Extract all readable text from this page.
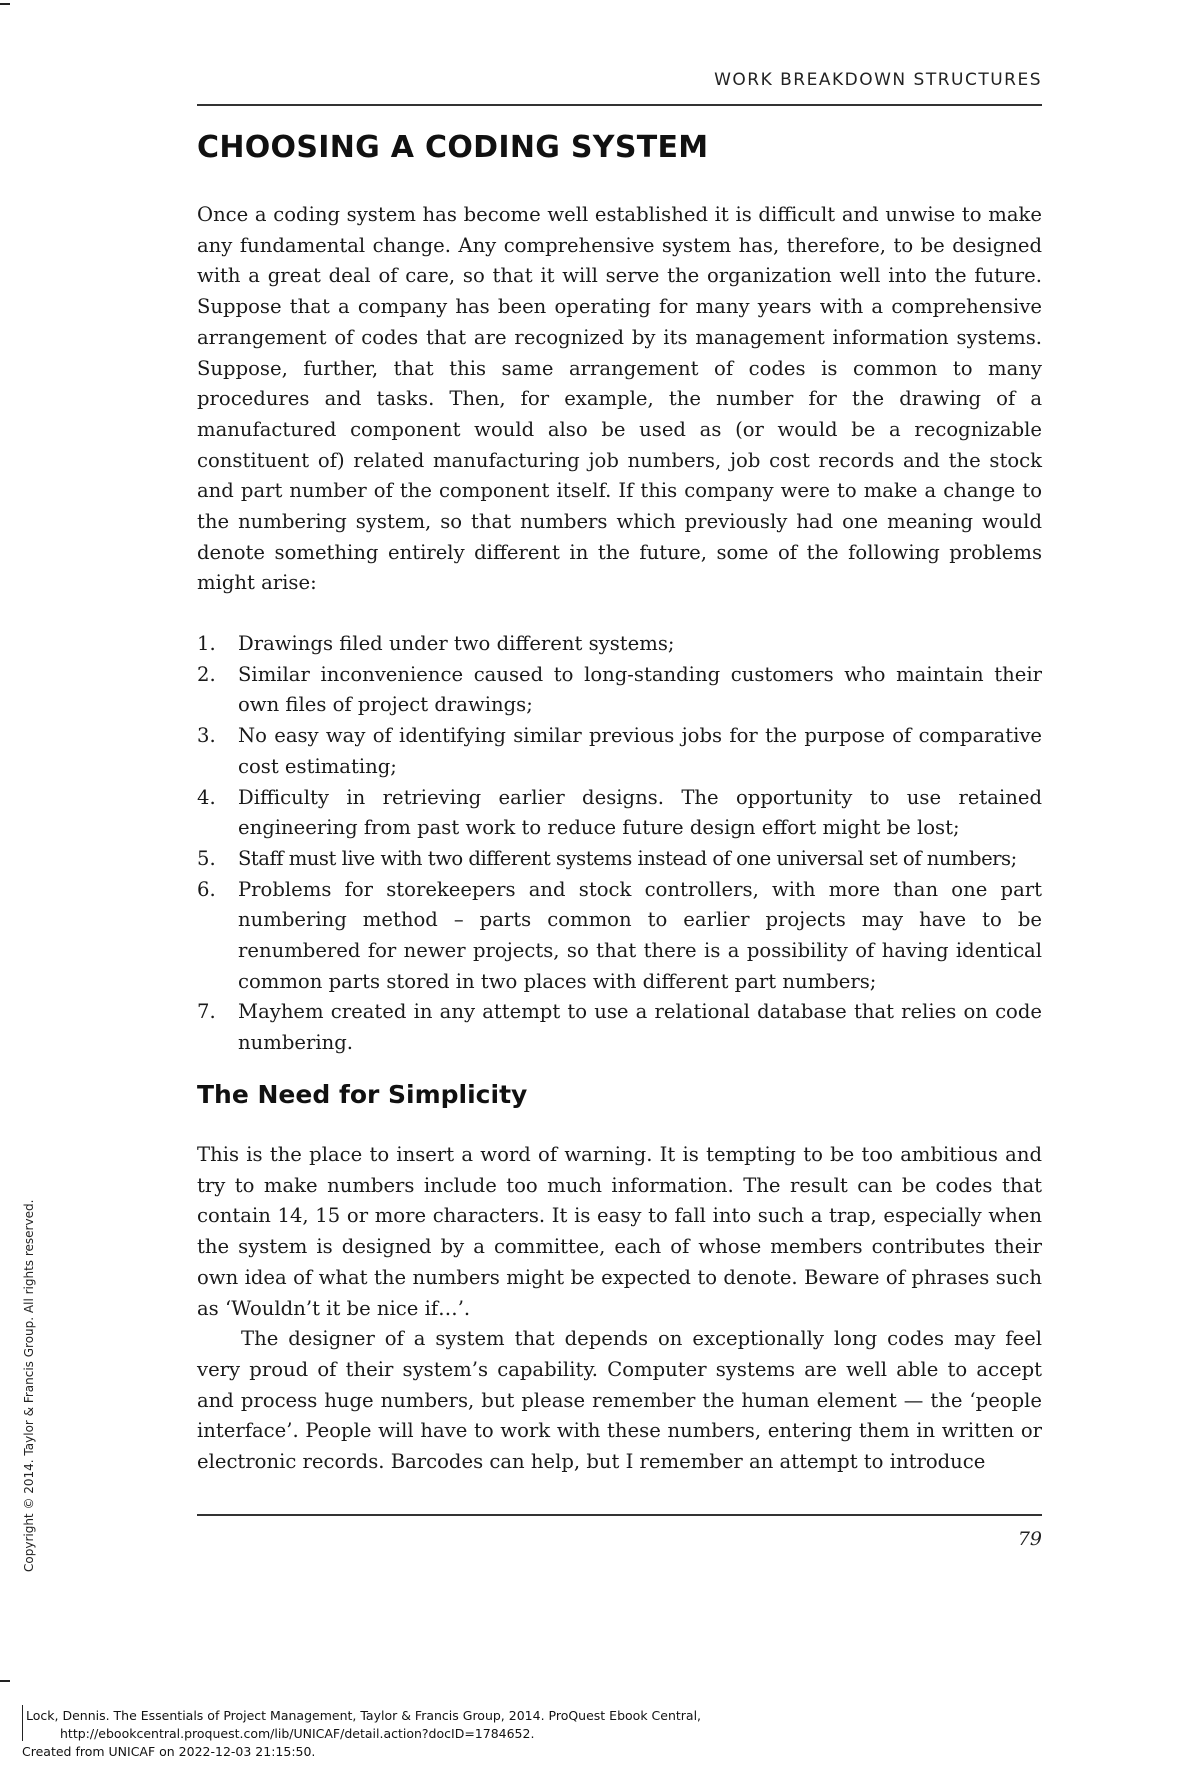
WORK BREAKDOWN STRUCTURES
CHOOSING A CODING SYSTEM

Once a coding system has become well established it is difficult and unwise to make any fundamental change. Any comprehensive system has, therefore, to be designed with a great deal of care, so that it will serve the organization well into the future. Suppose that a company has been operating for many years with a comprehensive arrangement of codes that are recognized by its management information systems. Suppose, further, that this same arrangement of codes is common to many procedures and tasks. Then, for example, the number for the drawing of a manufactured component would also be used as (or would be a recognizable constituent of) related manufacturing job numbers, job cost records and the stock and part number of the component itself. If this company were to make a change to the numbering system, so that numbers which previously had one meaning would denote something entirely different in the future, some of the following problems might arise:

1.	Drawings filed under two different systems;
2.	Similar inconvenience caused to long-standing customers who maintain their own files of project drawings;
3.	No easy way of identifying similar previous jobs for the purpose of comparative cost estimating;
4.	Difficulty in retrieving earlier designs. The opportunity to use retained engineering from past work to reduce future design effort might be lost;
5.	Staff must live with two different systems instead of one universal set of numbers;
6.	Problems for storekeepers and stock controllers, with more than one part numbering method – parts common to earlier projects may have to be renumbered for newer projects, so that there is a possibility of having identical common parts stored in two places with different part numbers;
7.	Mayhem created in any attempt to use a relational database that relies on code numbering.
The Need for Simplicity

This is the place to insert a word of warning. It is tempting to be too ambitious and try to make numbers include too much information. The result can be codes that contain 14, 15 or more characters. It is easy to fall into such a trap, especially when the system is designed by a committee, each of whose members contributes their own idea of what the numbers might be expected to denote. Beware of phrases such as ‘Wouldn’t it be nice if…’.

The designer of a system that depends on exceptionally long codes may feel very proud of their system’s capability. Computer systems are well able to accept and process huge numbers, but please remember the human element — the ‘people interface’. People will have to work with these numbers, entering them in written or electronic records. Barcodes can help, but I remember an attempt to introduce

79
Copyright © 2014. Taylor & Francis Group. All rights reserved.
Lock, Dennis. The Essentials of Project Management, Taylor & Francis Group, 2014. ProQuest Ebook Central,
http://ebookcentral.proquest.com/lib/UNICAF/detail.action?docID=1784652.
Created from UNICAF on 2022-12-03 21:15:50.
